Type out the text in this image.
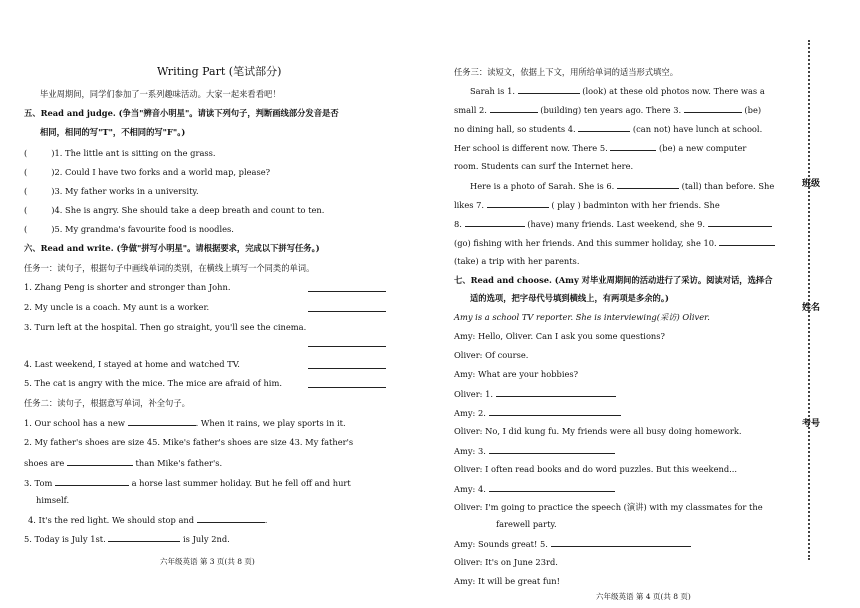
Writing Part (笔试部分)
毕业周期间，同学们参加了一系列趣味活动。大家一起来看看吧！
五、Read and judge. (争当"辨音小明星"。请读下列句子，判断画线部分发音是否
相同，相同的写"T"，不相同的写"F"。)
(	)1. The little ant is sitting on the grass.
(	)2. Could I have two forks and a world map, please?
(	)3. My father works in a university.
(	)4. She is angry. She should take a deep breath and count to ten.
(	)5. My grandma's favourite food is noodles.
六、Read and write. (争做"拼写小明星"。请根据要求，完成以下拼写任务。)
任务一：读句子，根据句子中画线单词的类别，在横线上填写一个同类的单词。
1. Zhang Peng is shorter and stronger than John.
2. My uncle is a coach. My aunt is a worker.
3. Turn left at the hospital. Then go straight, you'll see the cinema.
4. Last weekend, I stayed at home and watched TV.
5. The cat is angry with the mice. The mice are afraid of him.
任务二：读句子，根据意写单词，补全句子。
1. Our school has a new	. When it rains, we play sports in it.
2. My father's shoes are size 45. Mike's father's shoes are size 43. My father's
shoes are	than Mike's father's.
3. Tom	a horse last summer holiday. But he fell off and hurt
himself.
4. It's the red light. We should stop and	.
5. Today is July 1st.	is July 2nd.
六年级英语 第 3 页(共 8 页)
任务三：读短文，依据上下文，用所给单词的适当形式填空。
Sarah is 1.	(look) at these old photos now. There was a
small 2.	(building) ten years ago. There 3.	(be)
no dining hall, so students 4.	(can not) have lunch at school.
Her school is different now. There 5.	(be) a new computer
room. Students can surf the Internet here.
Here is a photo of Sarah. She is 6.	(tall) than before. She
likes 7.	( play ) badminton with her friends. She
8.	(have) many friends. Last weekend, she 9.
(go) fishing with her friends. And this summer holiday, she 10.
(take) a trip with her parents.
七、Read and choose. (Amy 对毕业周期间的活动进行了采访。阅读对话，选择合
适的选项，把字母代号填到横线上，有两项是多余的。)
Amy is a school TV reporter. She is interviewing(采访) Oliver.
Amy: Hello, Oliver. Can I ask you some questions?
Oliver: Of course.
Amy: What are your hobbies?
Oliver: 1.
Amy: 2.
Oliver: No, I did kung fu. My friends were all busy doing homework.
Amy: 3.
Oliver: I often read books and do word puzzles. But this weekend...
Amy: 4.
Oliver: I'm going to practice the speech (演讲) with my classmates for the
farewell party.
Amy: Sounds great! 5.
Oliver: It's on June 23rd.
Amy: It will be great fun!
六年级英语 第 4 页(共 8 页)
班级
姓名
考号
